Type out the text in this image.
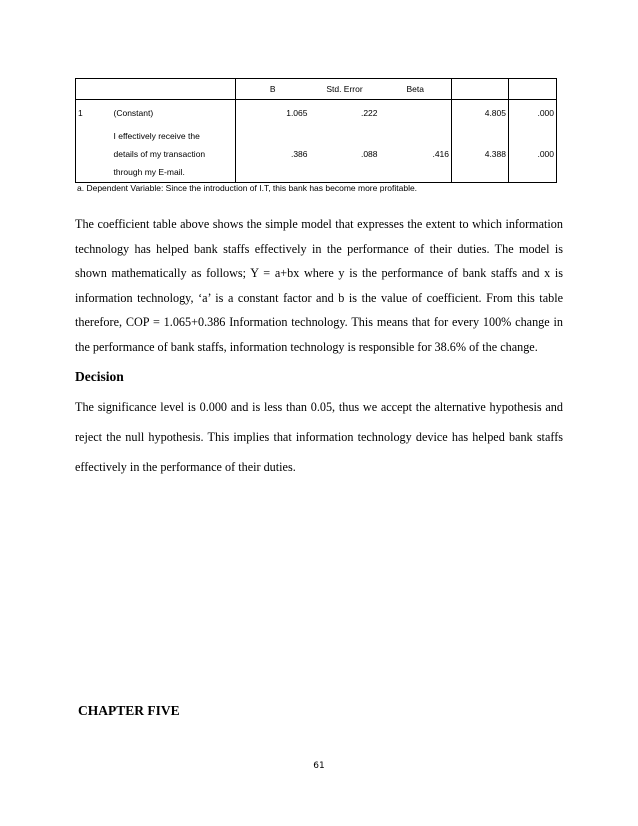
		B	Std. Error	Beta		
1	(Constant)	1.065	.222		4.805	.000

	I effectively receive the
details of my transaction
through my E-mail.	.386	.088	.416	4.388	.000
a. Dependent Variable: Since the introduction of I.T, this bank has become more profitable.

The coefficient table above shows the simple model that expresses the extent to which information technology has helped bank staffs effectively in the performance of their duties. The model is shown mathematically as follows; Y = a+bx where y is the performance of bank staffs and x is information technology, ‘a’ is a constant factor and b is the value of coefficient. From this table therefore, COP = 1.065+0.386 Information technology. This means that for every 100% change in the performance of bank staffs, information technology is responsible for 38.6% of the change.

Decision

The significance level is 0.000 and is less than 0.05, thus we accept the alternative hypothesis and reject the null hypothesis. This implies that information technology device has helped bank staffs effectively in the performance of their duties.

CHAPTER FIVE
61
